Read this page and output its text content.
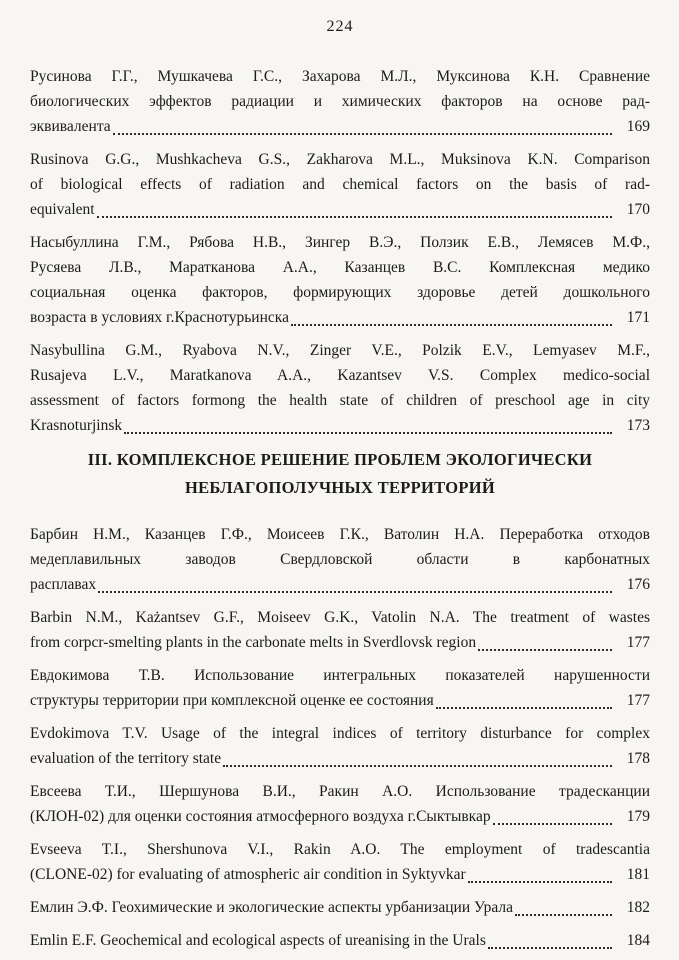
224
Русинова Г.Г., Мушкачева Г.С., Захарова М.Л., Муксинова К.Н. Сравнение
биологических эффектов радиации и химических факторов на основе рад-
эквивалента	169
Rusinova G.G., Mushkacheva G.S., Zakharova M.L., Muksinova K.N. Comparison
of biological effects of radiation and chemical factors on the basis of rad-
equivalent	170
Насыбуллина Г.М., Рябова Н.В., Зингер В.Э., Ползик Е.В., Лемясев М.Ф.,
Русяева Л.В., Маратканова А.А., Казанцев В.С. Комплексная медико
социальная оценка факторов, формирующих здоровье детей дошкольного
возраста в условиях г.Краснотурьинска	171
Nasybullina G.M., Ryabova N.V., Zinger V.E., Polzik E.V., Lemyasev M.F.,
Rusajeva L.V., Maratkanova A.A., Kazantsev V.S. Complex medico-social
assessment of factors formong the health state of children of preschool age in city
Krasnoturjinsk	173
III. КОМПЛЕКСНОЕ РЕШЕНИЕ ПРОБЛЕМ ЭКОЛОГИЧЕСКИ
НЕБЛАГОПОЛУЧНЫХ ТЕРРИТОРИЙ
Барбин Н.М., Казанцев Г.Ф., Моисеев Г.К., Ватолин Н.А. Переработка отходов
медеплавильных заводов Свердловской области в карбонатных
расплавах	176
Barbin N.M., Każantsev G.F., Moiseev G.K., Vatolin N.A. The treatment of wastes
from corpcr-smelting plants in the carbonate melts in Sverdlovsk region	177
Евдокимова Т.В. Использование интегральных показателей нарушенности
структуры территории при комплексной оценке ее состояния	177
Evdokimova T.V. Usage of the integral indices of territory disturbance for complex
evaluation of the territory state	178
Евсеева Т.И., Шершунова В.И., Ракин А.О. Использование традесканции
(КЛОН-02) для оценки состояния атмосферного воздуха г.Сыктывкар	179
Evseeva T.I., Shershunova V.I., Rakin A.O. The employment of tradescantia
(CLONE-02) for evaluating of atmospheric air condition in Syktyvkar	181
Емлин Э.Ф. Геохимические и экологические аспекты урбанизации Урала	182
Emlin E.F. Geochemical and ecological aspects of ureanising in the Urals	184
